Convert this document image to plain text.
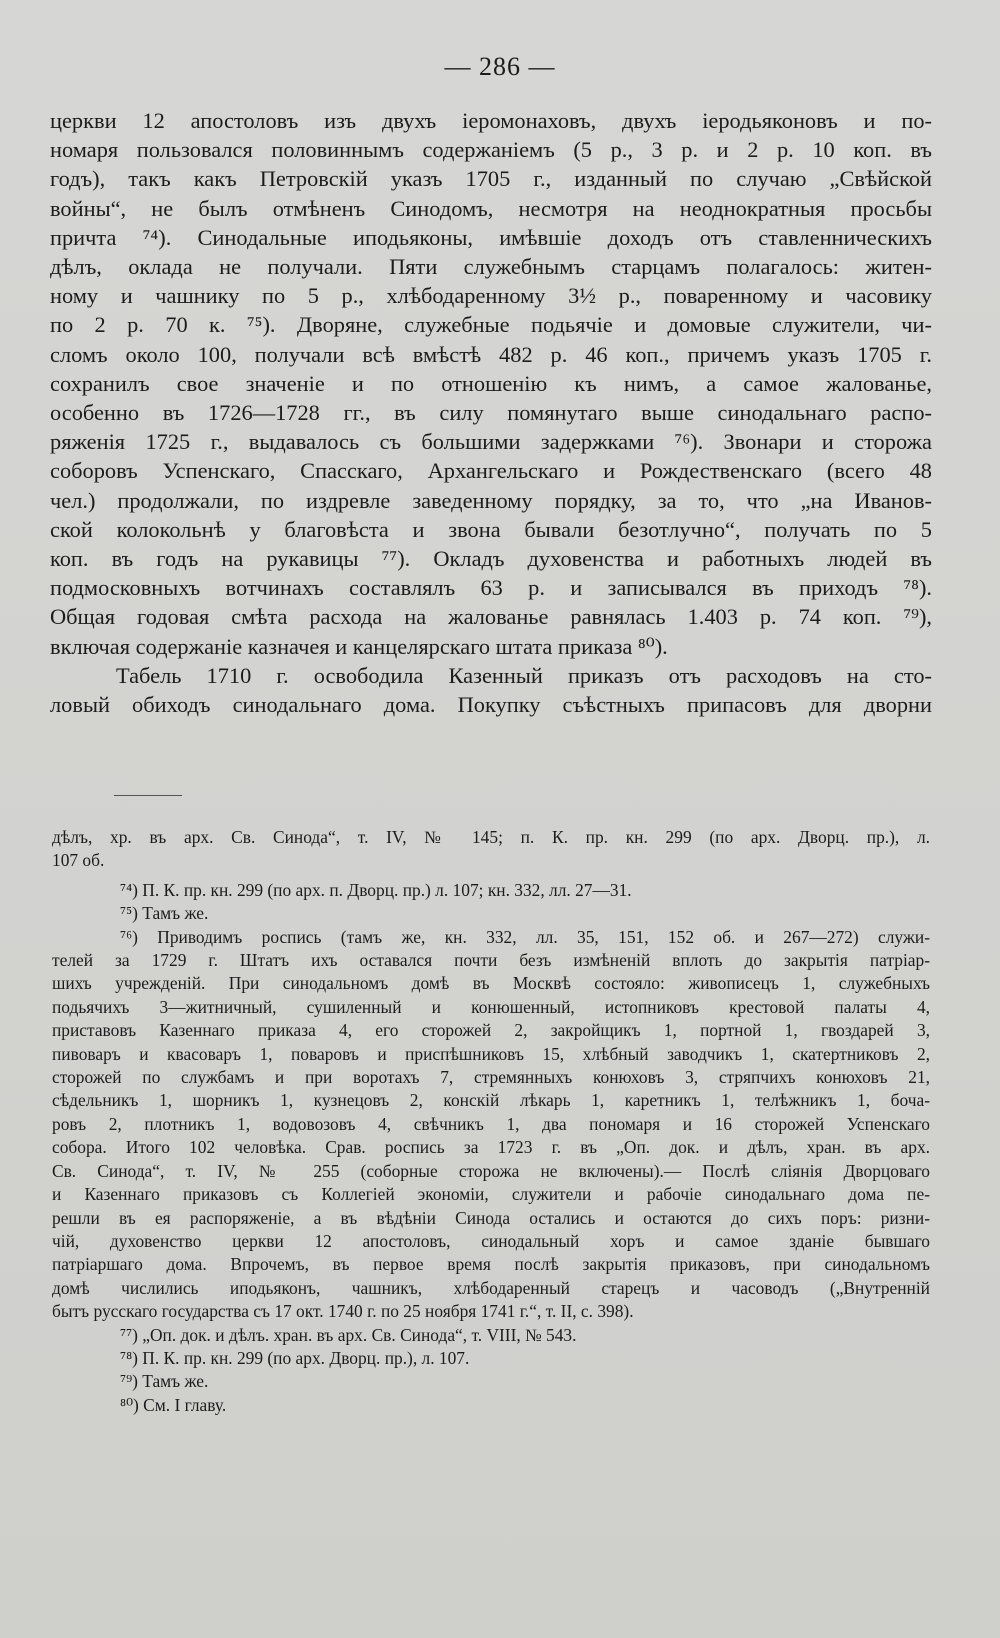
— 286 —
церкви 12 апостоловъ изъ двухъ іеромонаховъ, двухъ іеродьяконовъ и по-
номаря пользовался половиннымъ содержаніемъ (5 р., 3 р. и 2 р. 10 коп. въ
годъ), такъ какъ Петровскій указъ 1705 г., изданный по случаю „Свѣйской
войны“, не былъ отмѣненъ Синодомъ, несмотря на неоднократныя просьбы
причта ⁷⁴). Синодальные иподьяконы, имѣвшіе доходъ отъ ставленническихъ
дѣлъ, оклада не получали. Пяти служебнымъ старцамъ полагалось: житен-
ному и чашнику по 5 р., хлѣбодаренному 3½ р., поваренному и часовику
по 2 р. 70 к. ⁷⁵). Дворяне, служебные подьячіе и домовые служители, чи-
сломъ около 100, получали всѣ вмѣстѣ 482 р. 46 коп., причемъ указъ 1705 г.
сохранилъ свое значеніе и по отношенію къ нимъ, а самое жалованье,
особенно въ 1726—1728 гг., въ силу помянутаго выше синодальнаго распо-
ряженія 1725 г., выдавалось съ большими задержками ⁷⁶). Звонари и сторожа
соборовъ Успенскаго, Спасскаго, Архангельскаго и Рождественскаго (всего 48
чел.) продолжали, по издревле заведенному порядку, за то, что „на Иванов-
ской колокольнѣ у благовѣста и звона бывали безотлучно“, получать по 5
коп. въ годъ на рукавицы ⁷⁷). Окладъ духовенства и работныхъ людей въ
подмосковныхъ вотчинахъ составлялъ 63 р. и записывался въ приходъ ⁷⁸).
Общая годовая смѣта расхода на жалованье равнялась 1.403 р. 74 коп. ⁷⁹),
включая содержаніе казначея и канцелярскаго штата приказа ⁸⁰).
Табель 1710 г. освободила Казенный приказъ отъ расходовъ на сто-
ловый обиходъ синодальнаго дома. Покупку съѣстныхъ припасовъ для дворни
дѣлъ, хр. въ арх. Св. Синода“, т. IV, № 145; п. К. пр. кн. 299 (по арх. Дворц. пр.), л.
107 об.
⁷⁴) П. К. пр. кн. 299 (по арх. п. Дворц. пр.) л. 107; кн. 332, лл. 27—31.
⁷⁵) Тамъ же.
⁷⁶) Приводимъ роспись (тамъ же, кн. 332, лл. 35, 151, 152 об. и 267—272) служи-
телей за 1729 г. Штатъ ихъ оставался почти безъ измѣненій вплоть до закрытія патріар-
шихъ учрежденій. При синодальномъ домѣ въ Москвѣ состояло: живописецъ 1, служебныхъ
подьячихъ 3—житничный, сушиленный и конюшенный, истопниковъ крестовой палаты 4,
приставовъ Казеннаго приказа 4, его сторожей 2, закройщикъ 1, портной 1, гвоздарей 3,
пивоваръ и квасоваръ 1, поваровъ и приспѣшниковъ 15, хлѣбный заводчикъ 1, скатертниковъ 2,
сторожей по службамъ и при воротахъ 7, стремянныхъ конюховъ 3, стряпчихъ конюховъ 21,
сѣдельникъ 1, шорникъ 1, кузнецовъ 2, конскій лѣкарь 1, каретникъ 1, телѣжникъ 1, боча-
ровъ 2, плотникъ 1, водовозовъ 4, свѣчникъ 1, два пономаря и 16 сторожей Успенскаго
собора. Итого 102 человѣка. Срав. роспись за 1723 г. въ „Оп. док. и дѣлъ, хран. въ арх.
Св. Синода“, т. IV, № 255 (соборные сторожа не включены).— Послѣ слiянія Дворцоваго
и Казеннаго приказовъ съ Коллегіей экономіи, служители и рабочіе синодальнаго дома пе-
решли въ ея распоряженіе, а въ вѣдѣніи Синода остались и остаются до сихъ поръ: ризни-
чій, духовенство церкви 12 апостоловъ, синодальный хоръ и самое зданіе бывшаго
патріаршаго дома. Впрочемъ, въ первое время послѣ закрытія приказовъ, при синодальномъ
домѣ числились иподьяконъ, чашникъ, хлѣбодаренный старецъ и часоводъ („Внутренній
бытъ русскаго государства съ 17 окт. 1740 г. по 25 ноября 1741 г.“, т. II, с. 398).
⁷⁷) „Оп. док. и дѣлъ. хран. въ арх. Св. Синода“, т. VIII, № 543.
⁷⁸) П. К. пр. кн. 299 (по арх. Дворц. пр.), л. 107.
⁷⁹) Тамъ же.
⁸⁰) См. I главу.
